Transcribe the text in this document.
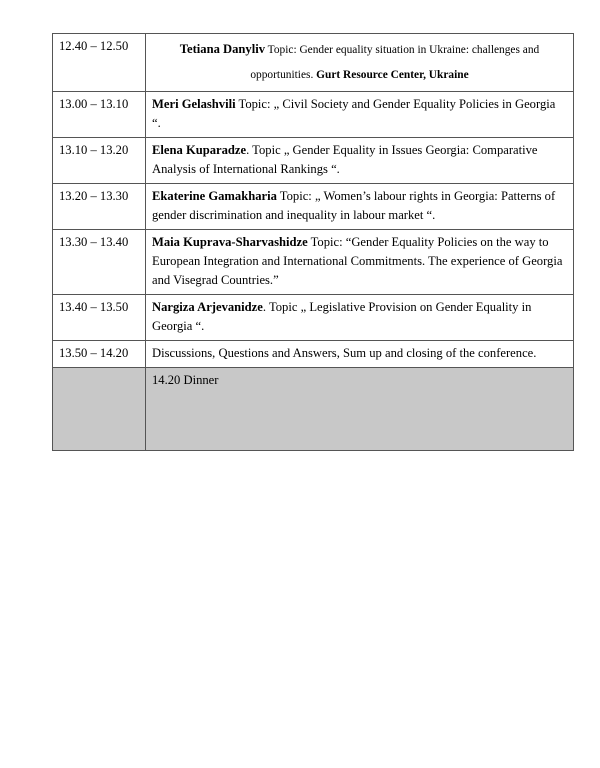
12.40 – 12.50	Tetiana Danyliv Topic: Gender equality situation in Ukraine: challenges and opportunities. Gurt Resource Center, Ukraine
13.00 – 13.10	Meri Gelashvili Topic: „ Civil Society and Gender Equality Policies in Georgia “.
13.10 – 13.20	Elena Kuparadze. Topic „ Gender Equality in Issues Georgia: Comparative Analysis of International Rankings “.
13.20 – 13.30	Ekaterine Gamakharia Topic: „ Women’s labour rights in Georgia: Patterns of gender discrimination and inequality in labour market “.
13.30 – 13.40	Maia Kuprava-Sharvashidze Topic: “Gender Equality Policies on the way to European Integration and International Commitments. The experience of Georgia and Visegrad Countries.”
13.40 – 13.50	Nargiza Arjevanidze. Topic „ Legislative Provision on Gender Equality in Georgia “.
13.50 – 14.20	Discussions, Questions and Answers, Sum up and closing of the conference.
	14.20 Dinner
